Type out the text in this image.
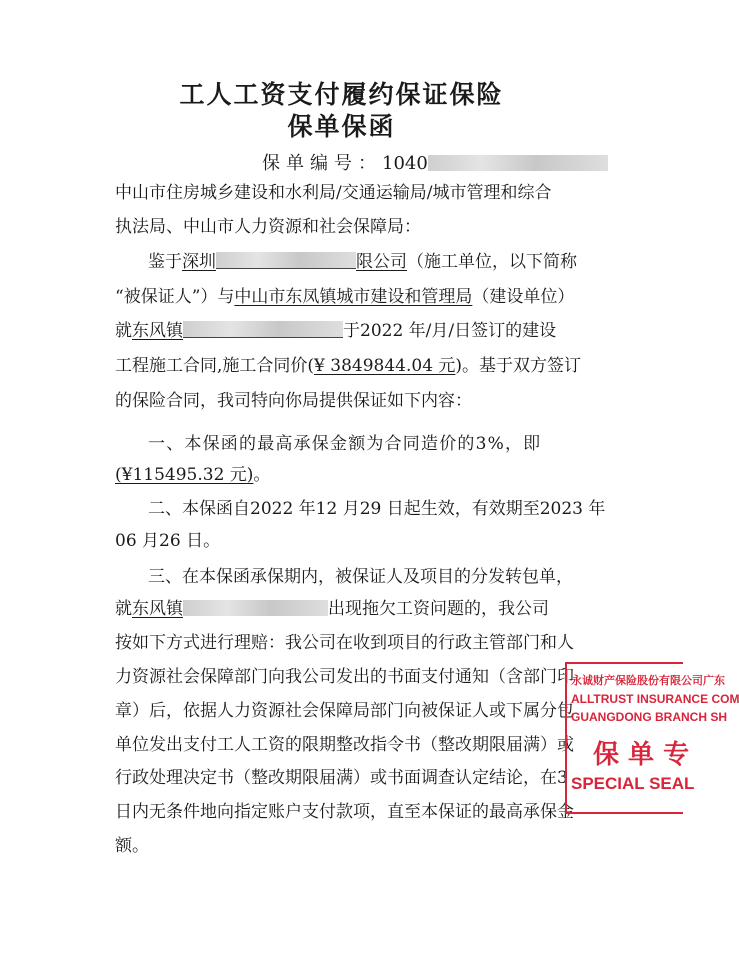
工人工资支付履约保证保险
保单保函
保单编号：1040
中山市住房城乡建设和水利局/交通运输局/城市管理和综合
执法局、中山市人力资源和社会保障局：
鉴于深圳	限公司（施工单位，以下简称
“被保证人”）与中山市东凤镇城市建设和管理局（建设单位）
就东风镇	于2022 年/月/日签订的建设
工程施工合同,施工合同价(¥ 3849844.04 元)。基于双方签订
的保险合同，我司特向你局提供保证如下内容：
一、本保函的最高承保金额为合同造价的3%，即
(¥115495.32 元)。
二、本保函自2022 年12 月29 日起生效，有效期至2023 年
06 月26 日。
三、在本保函承保期内，被保证人及项目的分发转包单，
就东风镇	出现拖欠工资问题的，我公司
按如下方式进行理赔：我公司在收到项目的行政主管部门和人
力资源社会保障部门向我公司发出的书面支付通知（含部门印
章）后，依据人力资源社会保障局部门向被保证人或下属分包
单位发出支付工人工资的限期整改指令书（整改期限届满）或
行政处理决定书（整改期限届满）或书面调查认定结论，在3
日内无条件地向指定账户支付款项，直至本保证的最高承保金
额。
永诚财产保险股份有限公司广东
ALLTRUST INSURANCE COM
GUANGDONG BRANCH SH
保 单 专
SPECIAL SEAL
